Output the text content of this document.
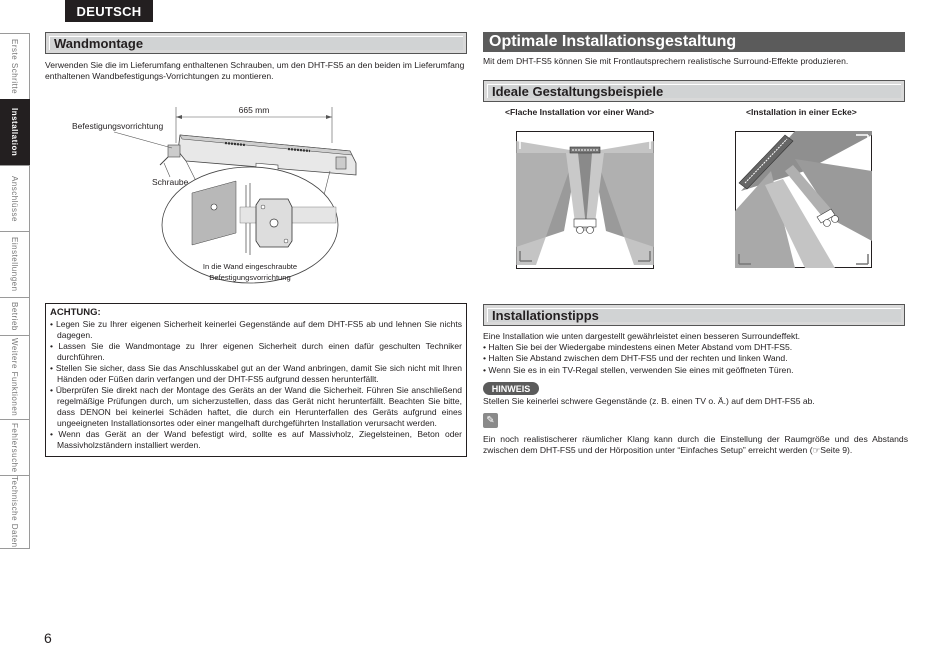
DEUTSCH
Erste Schritte
Installation
Anschlüsse
Einstellungen
Betrieb
Weitere Funktionen
Fehlersuche
Technische Daten
Wandmontage
Verwenden Sie die im Lieferumfang enthaltenen Schrauben, um den DHT-FS5 an den beiden im Lieferumfang enthaltenen Wandbefestigungs-Vorrichtungen zu montieren.
665 mm
Befestigungsvorrichtung
Schraube
In die Wand eingeschraubte
Befestigungsvorrichtung
ACHTUNG:
• Legen Sie zu Ihrer eigenen Sicherheit keinerlei Gegenstände auf dem DHT-FS5 ab und lehnen Sie nichts dagegen.
• Lassen Sie die Wandmontage zu Ihrer eigenen Sicherheit durch einen dafür geschulten Techniker durchführen.
• Stellen Sie sicher, dass Sie das Anschlusskabel gut an der Wand anbringen, damit Sie sich nicht mit Ihren Händen oder Füßen darin verfangen und der DHT-FS5 aufgrund dessen herunterfällt.
• Überprüfen Sie direkt nach der Montage des Geräts an der Wand die Sicherheit. Führen Sie anschließend regelmäßige Prüfungen durch, um sicherzustellen, dass das Gerät nicht herunterfällt. Beachten Sie bitte, dass DENON bei keinerlei Schäden haftet, die durch ein Herunterfallen des Geräts aufgrund eines ungeeigneten Installationsortes oder einer mangelhaft durchgeführten Installation verursacht werden.
• Wenn das Gerät an der Wand befestigt wird, sollte es auf Massivholz, Ziegelsteinen, Beton oder Massivholzständern installiert werden.
Optimale Installationsgestaltung
Mit dem DHT-FS5 können Sie mit Frontlautsprechern realistische Surround-Effekte produzieren.
Ideale Gestaltungsbeispiele
<Flache Installation vor einer Wand>	<Installation in einer Ecke>
Installationstipps
Eine Installation wie unten dargestellt gewährleistet einen besseren Surroundeffekt.
• Halten Sie bei der Wiedergabe mindestens einen Meter Abstand vom DHT-FS5.
• Halten Sie Abstand zwischen dem DHT-FS5 und der rechten und linken Wand.
• Wenn Sie es in ein TV-Regal stellen, verwenden Sie eines mit geöffneten Türen.
HINWEIS
Stellen Sie keinerlei schwere Gegenstände (z. B. einen TV o. Ä.) auf dem DHT-FS5 ab.
✎
Ein noch realistischerer räumlicher Klang kann durch die Einstellung der Raumgröße und des Abstands zwischen dem DHT-FS5 und der Hörposition unter “Einfaches Setup” erreicht werden (☞Seite 9).
6
